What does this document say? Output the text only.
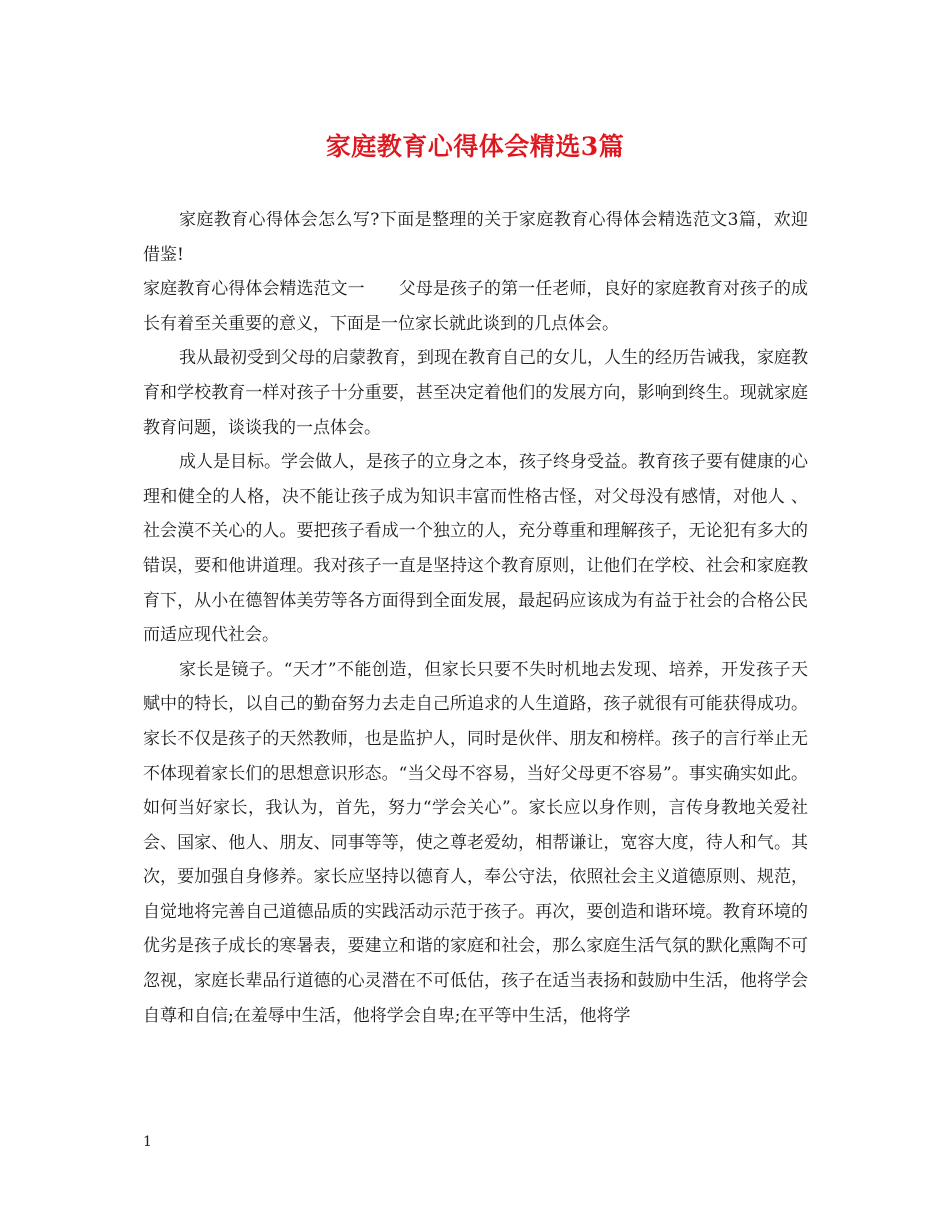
家庭教育心得体会精选3篇

家庭教育心得体会怎么写?下面是整理的关于家庭教育心得体会精选范文3篇，欢迎借鉴!

家庭教育心得体会精选范文一　　父母是孩子的第一任老师，良好的家庭教育对孩子的成长有着至关重要的意义，下面是一位家长就此谈到的几点体会。

我从最初受到父母的启蒙教育，到现在教育自己的女儿，人生的经历告诫我，家庭教育和学校教育一样对孩子十分重要，甚至决定着他们的发展方向，影响到终生。现就家庭教育问题，谈谈我的一点体会。

成人是目标。学会做人，是孩子的立身之本，孩子终身受益。教育孩子要有健康的心理和健全的人格，决不能让孩子成为知识丰富而性格古怪，对父母没有感情，对他人 、社会漠不关心的人。要把孩子看成一个独立的人，充分尊重和理解孩子，无论犯有多大的错误，要和他讲道理。我对孩子一直是坚持这个教育原则，让他们在学校、社会和家庭教育下，从小在德智体美劳等各方面得到全面发展，最起码应该成为有益于社会的合格公民而适应现代社会。

家长是镜子。“天才”不能创造，但家长只要不失时机地去发现、培养，开发孩子天赋中的特长，以自己的勤奋努力去走自己所追求的人生道路，孩子就很有可能获得成功。家长不仅是孩子的天然教师，也是监护人，同时是伙伴、朋友和榜样。孩子的言行举止无不体现着家长们的思想意识形态。“当父母不容易，当好父母更不容易”。事实确实如此。如何当好家长，我认为，首先，努力“学会关心”。家长应以身作则，言传身教地关爱社会、国家、他人、朋友、同事等等，使之尊老爱幼，相帮谦让，宽容大度，待人和气。其次，要加强自身修养。家长应坚持以德育人，奉公守法，依照社会主义道德原则、规范，自觉地将完善自己道德品质的实践活动示范于孩子。再次，要创造和谐环境。教育环境的优劣是孩子成长的寒暑表，要建立和谐的家庭和社会，那么家庭生活气氛的默化熏陶不可忽视，家庭长辈品行道德的心灵潜在不可低估，孩子在适当表扬和鼓励中生活，他将学会自尊和自信;在羞辱中生活，他将学会自卑;在平等中生活，他将学

1
